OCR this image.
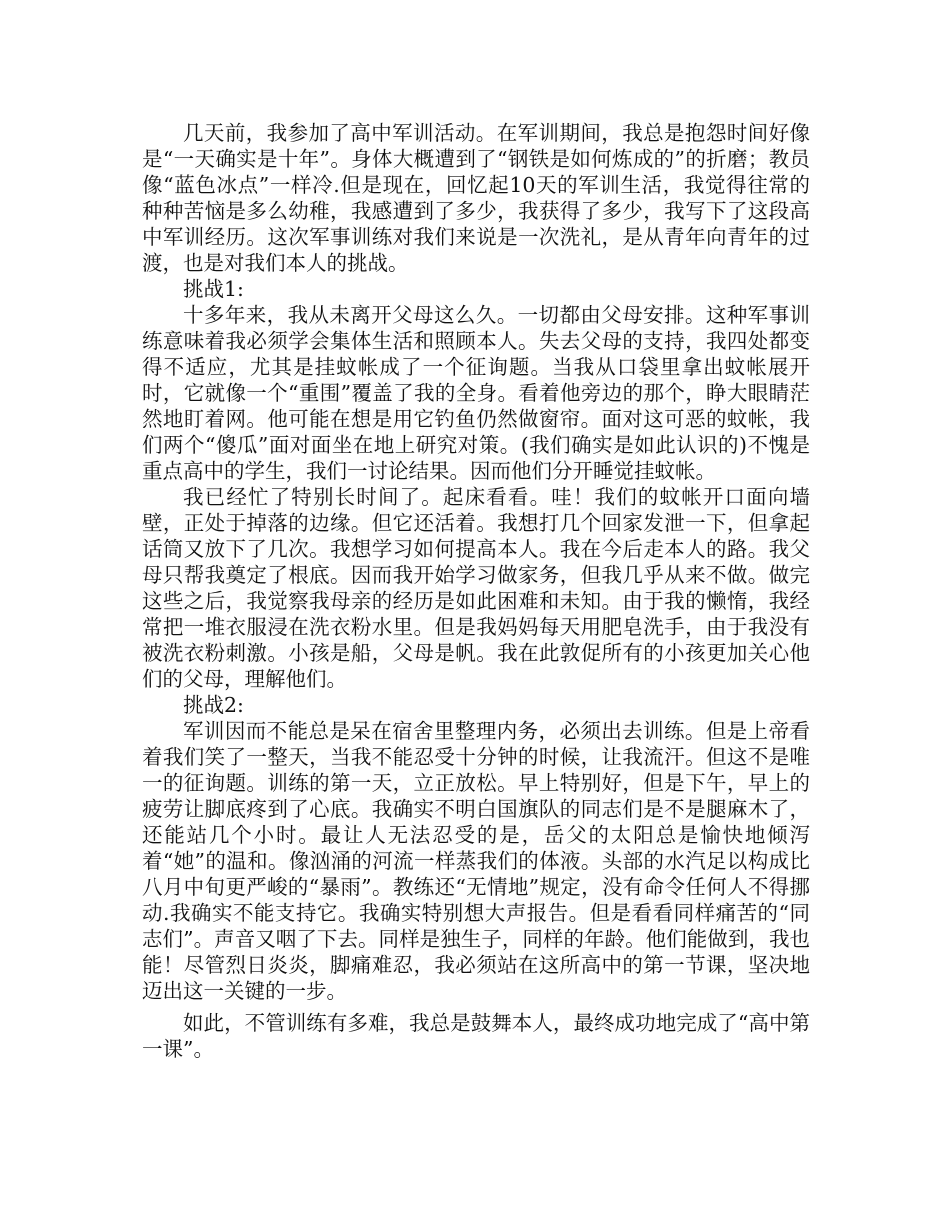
几天前，我参加了高中军训活动。在军训期间，我总是抱怨时间好像是“一天确实是十年”。身体大概遭到了“钢铁是如何炼成的”的折磨；教员像“蓝色冰点”一样冷.但是现在，回忆起10天的军训生活，我觉得往常的种种苦恼是多么幼稚，我感遭到了多少，我获得了多少，我写下了这段高中军训经历。这次军事训练对我们来说是一次洗礼，是从青年向青年的过渡，也是对我们本人的挑战。

挑战1:

十多年来，我从未离开父母这么久。一切都由父母安排。这种军事训练意味着我必须学会集体生活和照顾本人。失去父母的支持，我四处都变得不适应，尤其是挂蚊帐成了一个征询题。当我从口袋里拿出蚊帐展开时，它就像一个“重围”覆盖了我的全身。看着他旁边的那个，睁大眼睛茫然地盯着网。他可能在想是用它钓鱼仍然做窗帘。面对这可恶的蚊帐，我们两个“傻瓜”面对面坐在地上研究对策。(我们确实是如此认识的)不愧是重点高中的学生，我们一讨论结果。因而他们分开睡觉挂蚊帐。

我已经忙了特别长时间了。起床看看。哇！我们的蚊帐开口面向墙壁，正处于掉落的边缘。但它还活着。我想打几个回家发泄一下，但拿起话筒又放下了几次。我想学习如何提高本人。我在今后走本人的路。我父母只帮我奠定了根底。因而我开始学习做家务，但我几乎从来不做。做完这些之后，我觉察我母亲的经历是如此困难和未知。由于我的懒惰，我经常把一堆衣服浸在洗衣粉水里。但是我妈妈每天用肥皂洗手，由于我没有被洗衣粉刺激。小孩是船，父母是帆。我在此敦促所有的小孩更加关心他们的父母，理解他们。

挑战2:

军训因而不能总是呆在宿舍里整理内务，必须出去训练。但是上帝看着我们笑了一整天，当我不能忍受十分钟的时候，让我流汗。但这不是唯一的征询题。训练的第一天，立正放松。早上特别好，但是下午，早上的疲劳让脚底疼到了心底。我确实不明白国旗队的同志们是不是腿麻木了，还能站几个小时。最让人无法忍受的是，岳父的太阳总是愉快地倾泻着“她”的温和。像汹涌的河流一样蒸我们的体液。头部的水汽足以构成比八月中旬更严峻的“暴雨”。教练还“无情地”规定，没有命令任何人不得挪动.我确实不能支持它。我确实特别想大声报告。但是看看同样痛苦的“同志们”。声音又咽了下去。同样是独生子，同样的年龄。他们能做到，我也能！尽管烈日炎炎，脚痛难忍，我必须站在这所高中的第一节课，坚决地迈出这一关键的一步。

如此，不管训练有多难，我总是鼓舞本人，最终成功地完成了“高中第一课”。
